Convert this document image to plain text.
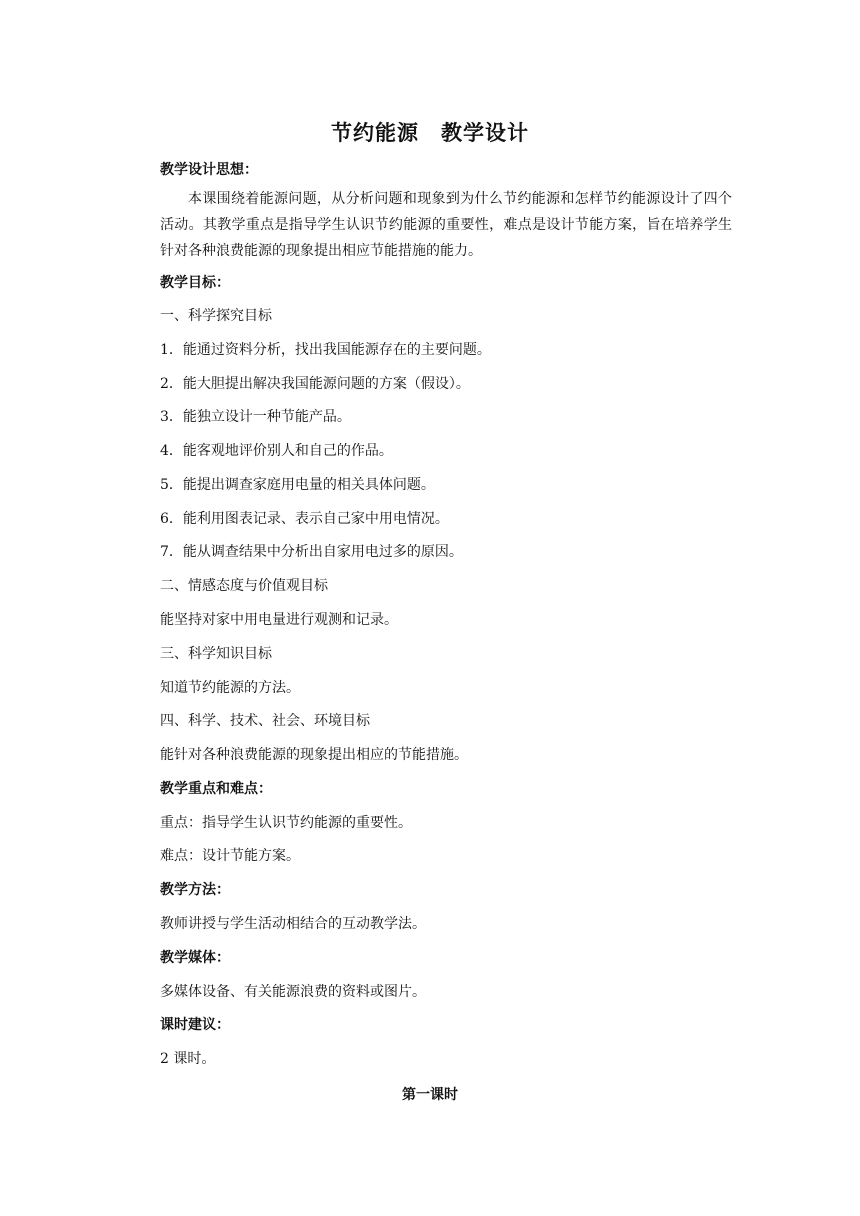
节约能源　教学设计
教学设计思想：
本课围绕着能源问题，从分析问题和现象到为什么节约能源和怎样节约能源设计了四个活动。其教学重点是指导学生认识节约能源的重要性，难点是设计节能方案，旨在培养学生针对各种浪费能源的现象提出相应节能措施的能力。
教学目标：
一、科学探究目标
1．能通过资料分析，找出我国能源存在的主要问题。
2．能大胆提出解决我国能源问题的方案（假设）。
3．能独立设计一种节能产品。
4．能客观地评价别人和自己的作品。
5．能提出调查家庭用电量的相关具体问题。
6．能利用图表记录、表示自己家中用电情况。
7．能从调查结果中分析出自家用电过多的原因。
二、情感态度与价值观目标
能坚持对家中用电量进行观测和记录。
三、科学知识目标
知道节约能源的方法。
四、科学、技术、社会、环境目标
能针对各种浪费能源的现象提出相应的节能措施。
教学重点和难点：
重点：指导学生认识节约能源的重要性。
难点：设计节能方案。
教学方法：
教师讲授与学生活动相结合的互动教学法。
教学媒体：
多媒体设备、有关能源浪费的资料或图片。
课时建议：
2 课时。
第一课时
